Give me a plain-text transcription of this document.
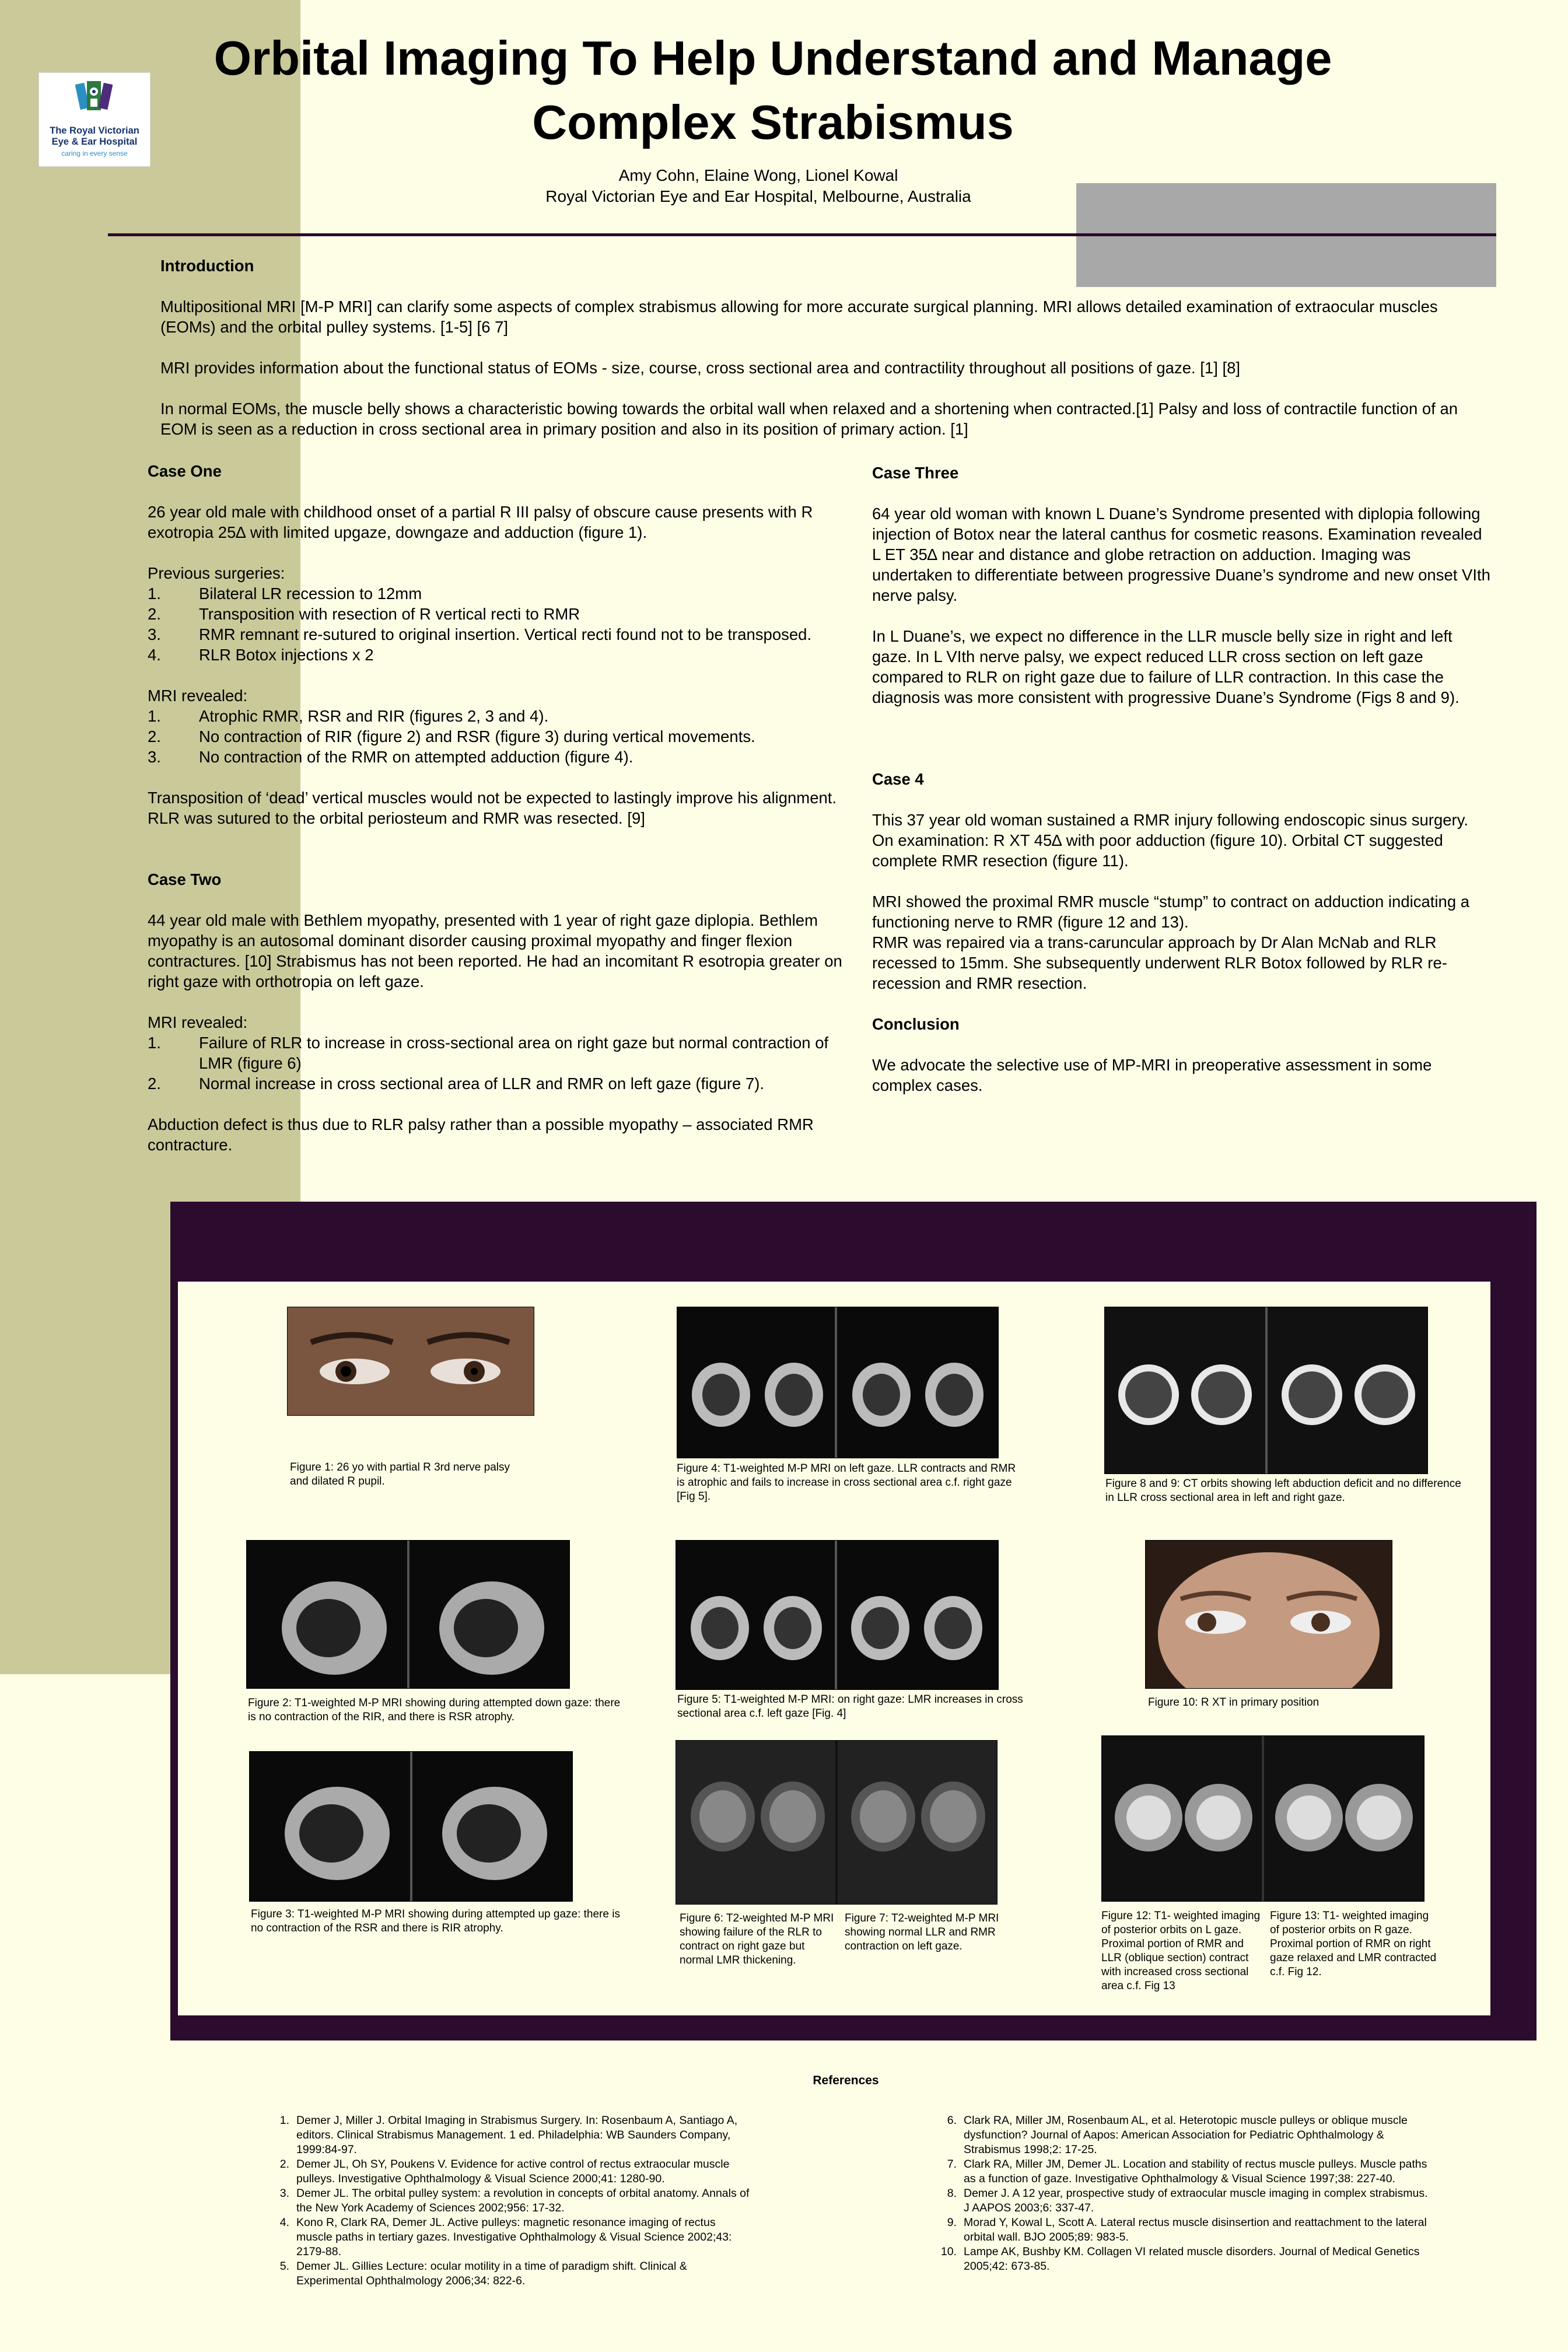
The Royal Victorian Eye & Ear Hospital
caring in every sense
Orbital Imaging To Help Understand and Manage Complex Strabismus
Amy Cohn, Elaine Wong, Lionel Kowal
Royal Victorian Eye and Ear Hospital, Melbourne, Australia

Introduction

Multipositional MRI [M-P MRI] can clarify some aspects of complex strabismus allowing for more accurate surgical planning. MRI allows detailed examination of extraocular muscles (EOMs) and the orbital pulley systems. [1-5] [6 7]

MRI provides information about the functional status of EOMs - size, course, cross sectional area and contractility throughout all positions of gaze. [1] [8]

In normal EOMs, the muscle belly shows a characteristic bowing towards the orbital wall when relaxed and a shortening when contracted.[1] Palsy and loss of contractile function of an EOM is seen as a reduction in cross sectional area in primary position and also in its position of primary action. [1]

Case One

26 year old male with childhood onset of a partial R III palsy of obscure cause presents with R exotropia 25∆ with limited upgaze, downgaze and adduction (figure 1).

Previous surgeries:

1.	Bilateral LR recession to 12mm
2.	Transposition with resection of R vertical recti to RMR
3.	RMR remnant re-sutured to original insertion. Vertical recti found not to be transposed.
4.	RLR Botox injections x 2

MRI revealed:

1.	Atrophic RMR, RSR and RIR (figures 2, 3 and 4).
2.	No contraction of RIR (figure 2) and RSR (figure 3) during vertical movements.
3.	No contraction of the RMR on attempted adduction (figure 4).

Transposition of ‘dead’ vertical muscles would not be expected to lastingly improve his alignment. RLR was sutured to the orbital periosteum and RMR was resected. [9]

Case Two

44 year old male with Bethlem myopathy, presented with 1 year of right gaze diplopia. Bethlem myopathy is an autosomal dominant disorder causing proximal myopathy and finger flexion contractures. [10] Strabismus has not been reported. He had an incomitant R esotropia greater on right gaze with orthotropia on left gaze.

MRI revealed:

1.	Failure of RLR to increase in cross-sectional area on right gaze but normal contraction of LMR (figure 6)
2.	Normal increase in cross sectional area of LLR and RMR on left gaze (figure 7).

Abduction defect is thus due to RLR palsy rather than a possible myopathy – associated RMR contracture.

Case Three

64 year old woman with known L Duane’s Syndrome presented with diplopia following injection of Botox near the lateral canthus for cosmetic reasons. Examination revealed L ET 35∆ near and distance and globe retraction on adduction. Imaging was undertaken to differentiate between progressive Duane’s syndrome and new onset VIth nerve palsy.

In L Duane’s, we expect no difference in the LLR muscle belly size in right and left gaze. In L VIth nerve palsy, we expect reduced LLR cross section on left gaze compared to RLR on right gaze due to failure of LLR contraction. In this case the diagnosis was more consistent with progressive Duane’s Syndrome (Figs 8 and 9).

Case 4

This 37 year old woman sustained a RMR injury following endoscopic sinus surgery. On examination: R XT 45∆ with poor adduction (figure 10). Orbital CT suggested complete RMR resection (figure 11).

MRI showed the proximal RMR muscle “stump” to contract on adduction indicating a functioning nerve to RMR (figure 12 and 13).

RMR was repaired via a trans-caruncular approach by Dr Alan McNab and RLR recessed to 15mm. She subsequently underwent RLR Botox followed by RLR re-recession and RMR resection.

Conclusion

We advocate the selective use of MP-MRI in preoperative assessment in some complex cases.

Figure 1: 26 yo with partial R 3rd nerve palsy
and dilated R pupil.
Figure 4: T1-weighted M-P MRI on left gaze. LLR contracts and RMR is atrophic and fails to increase in cross sectional area c.f. right gaze [Fig 5].
Figure 8 and 9: CT orbits showing left abduction deficit and no difference in LLR cross sectional area in left and right gaze.
Figure 2: T1-weighted M-P MRI showing during attempted down gaze: there is no contraction of the RIR, and there is RSR atrophy.
Figure 5: T1-weighted M-P MRI: on right gaze: LMR increases in cross sectional area c.f. left gaze [Fig. 4]
Figure 10: R XT in primary position
Figure 3: T1-weighted M-P MRI showing during attempted up gaze: there is no contraction of the RSR and there is RIR atrophy.
Figure 6: T2-weighted M-P MRI showing failure of the RLR to contract on right gaze but normal LMR thickening.
Figure 7: T2-weighted M-P MRI showing normal LLR and RMR contraction on left gaze.
Figure 12: T1- weighted imaging of posterior orbits on L gaze. Proximal portion of RMR and LLR (oblique section) contract with increased cross sectional area c.f. Fig 13
Figure 13: T1- weighted imaging of posterior orbits on R gaze. Proximal portion of RMR on right gaze relaxed and LMR contracted c.f. Fig 12.
References
1. Demer J, Miller J. Orbital Imaging in Strabismus Surgery. In: Rosenbaum A, Santiago A, editors. Clinical Strabismus Management. 1 ed. Philadelphia: WB Saunders Company, 1999:84-97.
2. Demer JL, Oh SY, Poukens V. Evidence for active control of rectus extraocular muscle pulleys. Investigative Ophthalmology & Visual Science 2000;41: 1280-90.
3. Demer JL. The orbital pulley system: a revolution in concepts of orbital anatomy. Annals of the New York Academy of Sciences 2002;956: 17-32.
4. Kono R, Clark RA, Demer JL. Active pulleys: magnetic resonance imaging of rectus muscle paths in tertiary gazes. Investigative Ophthalmology & Visual Science 2002;43: 2179-88.
5. Demer JL. Gillies Lecture: ocular motility in a time of paradigm shift. Clinical & Experimental Ophthalmology 2006;34: 822-6.
6. Clark RA, Miller JM, Rosenbaum AL, et al. Heterotopic muscle pulleys or oblique muscle dysfunction? Journal of Aapos: American Association for Pediatric Ophthalmology & Strabismus 1998;2: 17-25.
7. Clark RA, Miller JM, Demer JL. Location and stability of rectus muscle pulleys. Muscle paths as a function of gaze. Investigative Ophthalmology & Visual Science 1997;38: 227-40.
8. Demer J. A 12 year, prospective study of extraocular muscle imaging in complex strabismus. J AAPOS 2003;6: 337-47.
9. Morad Y, Kowal L, Scott A. Lateral rectus muscle disinsertion and reattachment to the lateral orbital wall. BJO 2005;89: 983-5.
10. Lampe AK, Bushby KM. Collagen VI related muscle disorders. Journal of Medical Genetics 2005;42: 673-85.
